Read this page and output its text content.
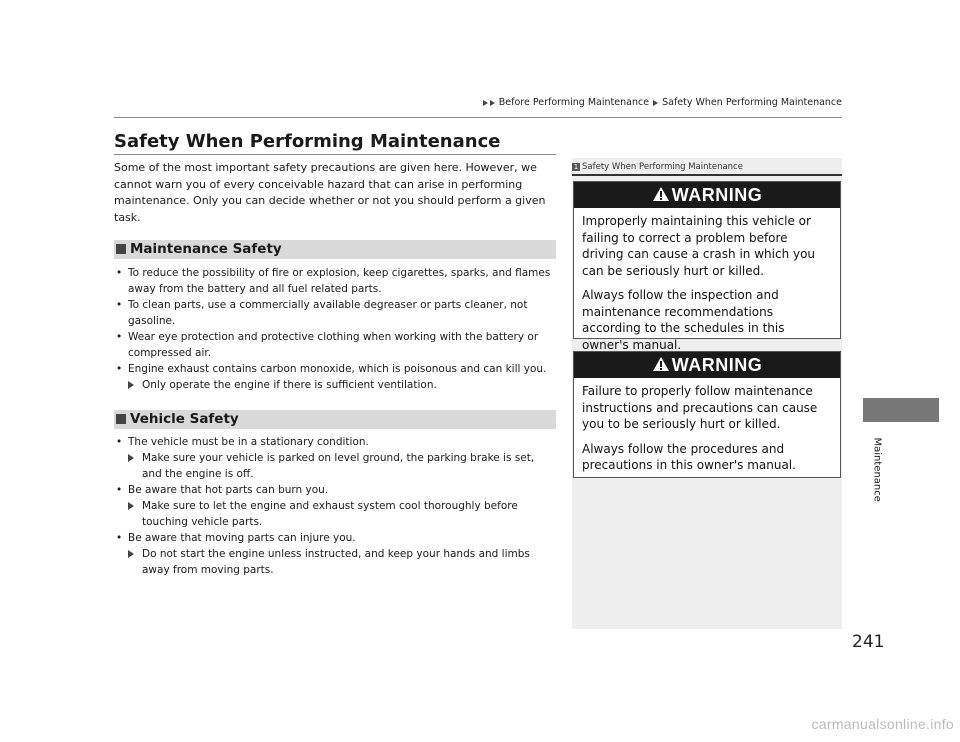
Before Performing Maintenance Safety When Performing Maintenance
Safety When Performing Maintenance

Some of the most important safety precautions are given here. However, we cannot warn you of every conceivable hazard that can arise in performing maintenance. Only you can decide whether or not you should perform a given task.

Maintenance Safety
• To reduce the possibility of fire or explosion, keep cigarettes, sparks, and flames away from the battery and all fuel related parts.
• To clean parts, use a commercially available degreaser or parts cleaner, not gasoline.
• Wear eye protection and protective clothing when working with the battery or compressed air.
• Engine exhaust contains carbon monoxide, which is poisonous and can kill you.
Only operate the engine if there is sufficient ventilation.
Vehicle Safety
• The vehicle must be in a stationary condition.
Make sure your vehicle is parked on level ground, the parking brake is set, and the engine is off.
• Be aware that hot parts can burn you.
Make sure to let the engine and exhaust system cool thoroughly before touching vehicle parts.
• Be aware that moving parts can injure you.
Do not start the engine unless instructed, and keep your hands and limbs away from moving parts.
1 Safety When Performing Maintenance
WARNING

Improperly maintaining this vehicle or failing to correct a problem before driving can cause a crash in which you can be seriously hurt or killed.

Always follow the inspection and maintenance recommendations according to the schedules in this owner's manual.

WARNING

Failure to properly follow maintenance instructions and precautions can cause you to be seriously hurt or killed.

Always follow the procedures and precautions in this owner's manual.	Maintenance
241
carmanualsonline.info
